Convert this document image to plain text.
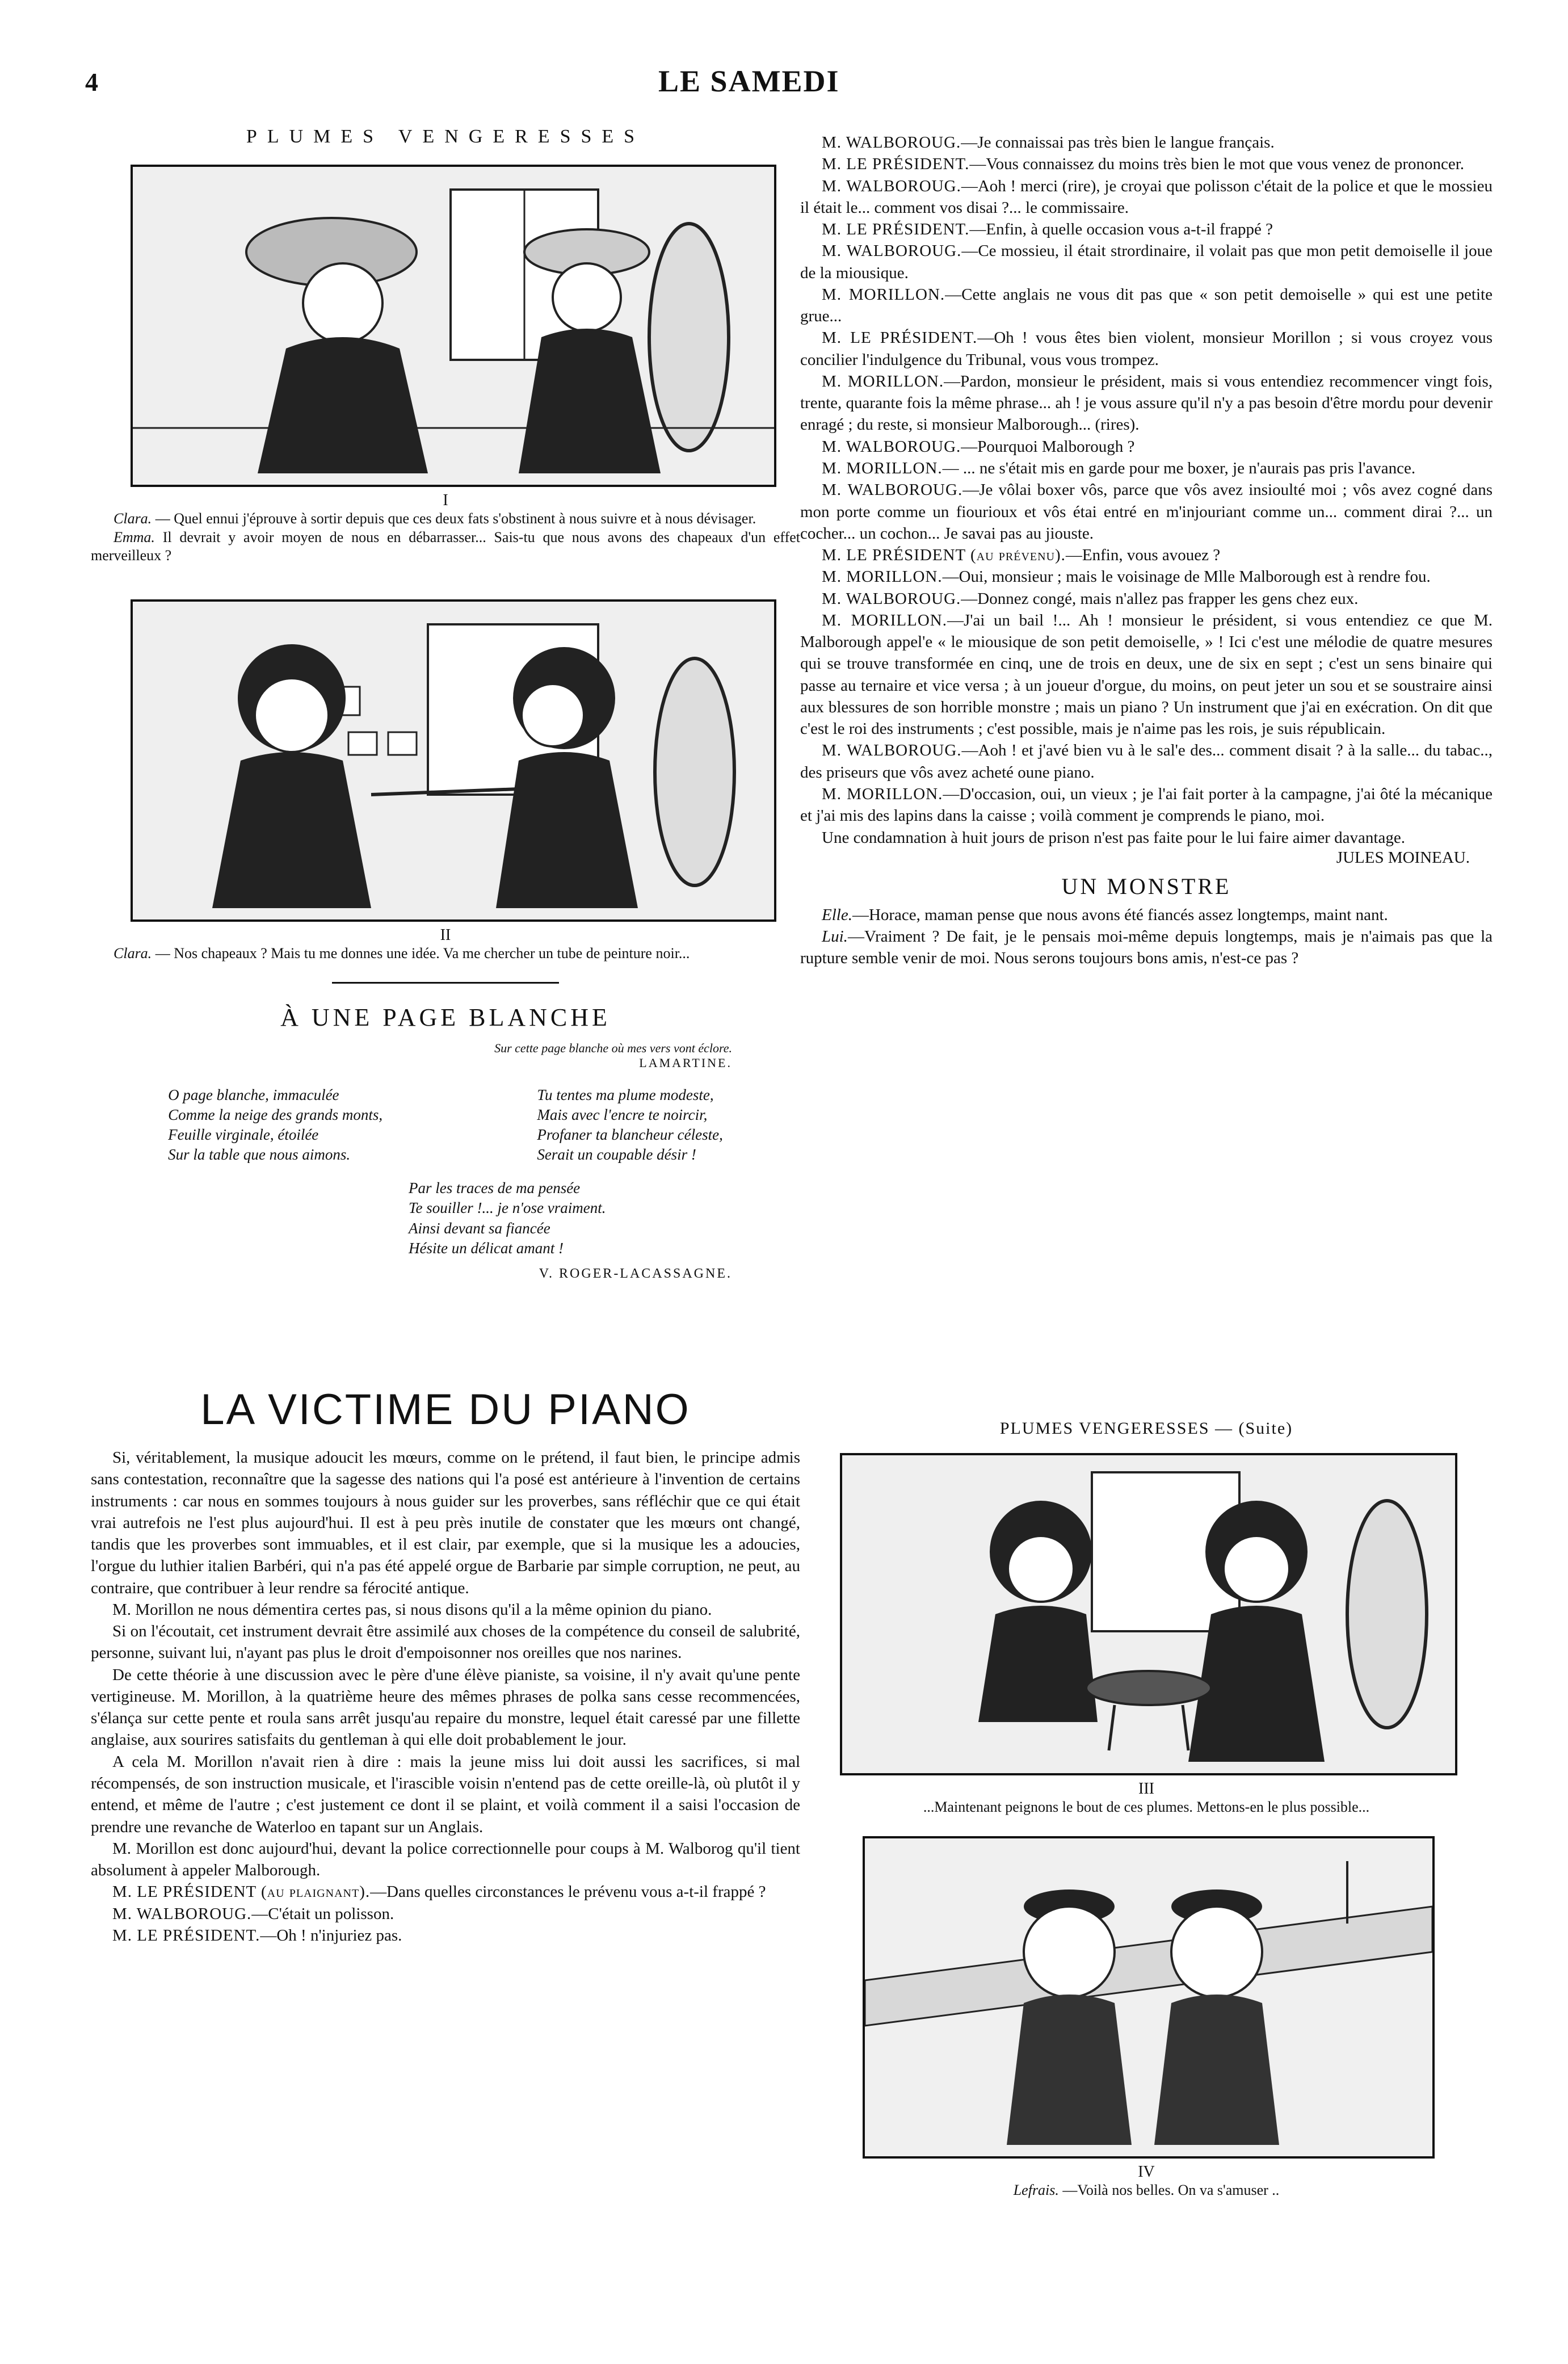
4	LE SAMEDI
PLUMES VENGERESSES
I
Clara. — Quel ennui j'éprouve à sortir depuis que ces deux fats s'obstinent à nous suivre et à nous dévisager.
Emma. Il devrait y avoir moyen de nous en débarrasser... Sais-tu que nous avons des chapeaux d'un effet merveilleux ?
II
Clara. — Nos chapeaux ? Mais tu me donnes une idée. Va me chercher un tube de peinture noir...
À UNE PAGE BLANCHE
Sur cette page blanche où mes vers vont éclore.
LAMARTINE.
O page blanche, immaculée
Comme la neige des grands monts,
Feuille virginale, étoilée
Sur la table que nous aimons.
Tu tentes ma plume modeste,
Mais avec l'encre te noircir,
Profaner ta blancheur céleste,
Serait un coupable désir !
Par les traces de ma pensée
Te souiller !... je n'ose vraiment.
Ainsi devant sa fiancée
Hésite un délicat amant !
V. ROGER-LACASSAGNE.

M. WALBOROUG.—Je connaissai pas très bien le langue français.

M. LE PRÉSIDENT.—Vous connaissez du moins très bien le mot que vous venez de prononcer.

M. WALBOROUG.—Aoh ! merci (rire), je croyai que polisson c'était de la police et que le mossieu il était le... comment vos disai ?... le commissaire.

M. LE PRÉSIDENT.—Enfin, à quelle occasion vous a-t-il frappé ?

M. WALBOROUG.—Ce mossieu, il était strordinaire, il volait pas que mon petit demoiselle il joue de la miousique.

M. MORILLON.—Cette anglais ne vous dit pas que « son petit demoiselle » qui est une petite grue...

M. LE PRÉSIDENT.—Oh ! vous êtes bien violent, monsieur Morillon ; si vous croyez vous concilier l'indulgence du Tribunal, vous vous trompez.

M. MORILLON.—Pardon, monsieur le président, mais si vous entendiez recommencer vingt fois, trente, quarante fois la même phrase... ah ! je vous assure qu'il n'y a pas besoin d'être mordu pour devenir enragé ; du reste, si monsieur Malborough... (rires).

M. WALBOROUG.—Pourquoi Malborough ?

M. MORILLON.— ... ne s'était mis en garde pour me boxer, je n'aurais pas pris l'avance.

M. WALBOROUG.—Je vôlai boxer vôs, parce que vôs avez insioulté moi ; vôs avez cogné dans mon porte comme un fiourioux et vôs étai entré en m'injouriant comme un... comment dirai ?... un cocher... un cochon... Je savai pas au jiouste.

M. LE PRÉSIDENT (au prévenu).—Enfin, vous avouez ?

M. MORILLON.—Oui, monsieur ; mais le voisinage de Mlle Malborough est à rendre fou.

M. WALBOROUG.—Donnez congé, mais n'allez pas frapper les gens chez eux.

M. MORILLON.—J'ai un bail !... Ah ! monsieur le président, si vous entendiez ce que M. Malborough appel'e « le miousique de son petit demoiselle, » ! Ici c'est une mélodie de quatre mesures qui se trouve transformée en cinq, une de trois en deux, une de six en sept ; c'est un sens binaire qui passe au ternaire et vice versa ; à un joueur d'orgue, du moins, on peut jeter un sou et se soustraire ainsi aux blessures de son horrible monstre ; mais un piano ? Un instrument que j'ai en exécration. On dit que c'est le roi des instruments ; c'est possible, mais je n'aime pas les rois, je suis républicain.

M. WALBOROUG.—Aoh ! et j'avé bien vu à le sal'e des... comment disait ? à la salle... du tabac.., des priseurs que vôs avez acheté oune piano.

M. MORILLON.—D'occasion, oui, un vieux ; je l'ai fait porter à la campagne, j'ai ôté la mécanique et j'ai mis des lapins dans la caisse ; voilà comment je comprends le piano, moi.

Une condamnation à huit jours de prison n'est pas faite pour le lui faire aimer davantage.

JULES MOINEAU.
UN MONSTRE

Elle.—Horace, maman pense que nous avons été fiancés assez longtemps, maint nant.

Lui.—Vraiment ? De fait, je le pensais moi-même depuis longtemps, mais je n'aimais pas que la rupture semble venir de moi. Nous serons toujours bons amis, n'est-ce pas ?

LA VICTIME DU PIANO

Si, véritablement, la musique adoucit les mœurs, comme on le prétend, il faut bien, le principe admis sans contestation, reconnaître que la sagesse des nations qui l'a posé est antérieure à l'invention de certains instruments : car nous en sommes toujours à nous guider sur les proverbes, sans réfléchir que ce qui était vrai autrefois ne l'est plus aujourd'hui. Il est à peu près inutile de constater que les mœurs ont changé, tandis que les proverbes sont immuables, et il est clair, par exemple, que si la musique les a adoucies, l'orgue du luthier italien Barbéri, qui n'a pas été appelé orgue de Barbarie par simple corruption, ne peut, au contraire, que contribuer à leur rendre sa férocité antique.

M. Morillon ne nous démentira certes pas, si nous disons qu'il a la même opinion du piano.

Si on l'écoutait, cet instrument devrait être assimilé aux choses de la compétence du conseil de salubrité, personne, suivant lui, n'ayant pas plus le droit d'empoisonner nos oreilles que nos narines.

De cette théorie à une discussion avec le père d'une élève pianiste, sa voisine, il n'y avait qu'une pente vertigineuse. M. Morillon, à la quatrième heure des mêmes phrases de polka sans cesse recommencées, s'élança sur cette pente et roula sans arrêt jusqu'au repaire du monstre, lequel était caressé par une fillette anglaise, aux sourires satisfaits du gentleman à qui elle doit probablement le jour.

A cela M. Morillon n'avait rien à dire : mais la jeune miss lui doit aussi les sacrifices, si mal récompensés, de son instruction musicale, et l'irascible voisin n'entend pas de cette oreille-là, où plutôt il y entend, et même de l'autre ; c'est justement ce dont il se plaint, et voilà comment il a saisi l'occasion de prendre une revanche de Waterloo en tapant sur un Anglais.

M. Morillon est donc aujourd'hui, devant la police correctionnelle pour coups à M. Walborog qu'il tient absolument à appeler Malborough.

M. LE PRÉSIDENT (au plaignant).—Dans quelles circonstances le prévenu vous a-t-il frappé ?

M. WALBOROUG.—C'était un polisson.

M. LE PRÉSIDENT.—Oh ! n'injuriez pas.

PLUMES VENGERESSES — (Suite)
III
...Maintenant peignons le bout de ces plumes. Mettons-en le plus possible...
IV
Lefrais. —Voilà nos belles. On va s'amuser ..
